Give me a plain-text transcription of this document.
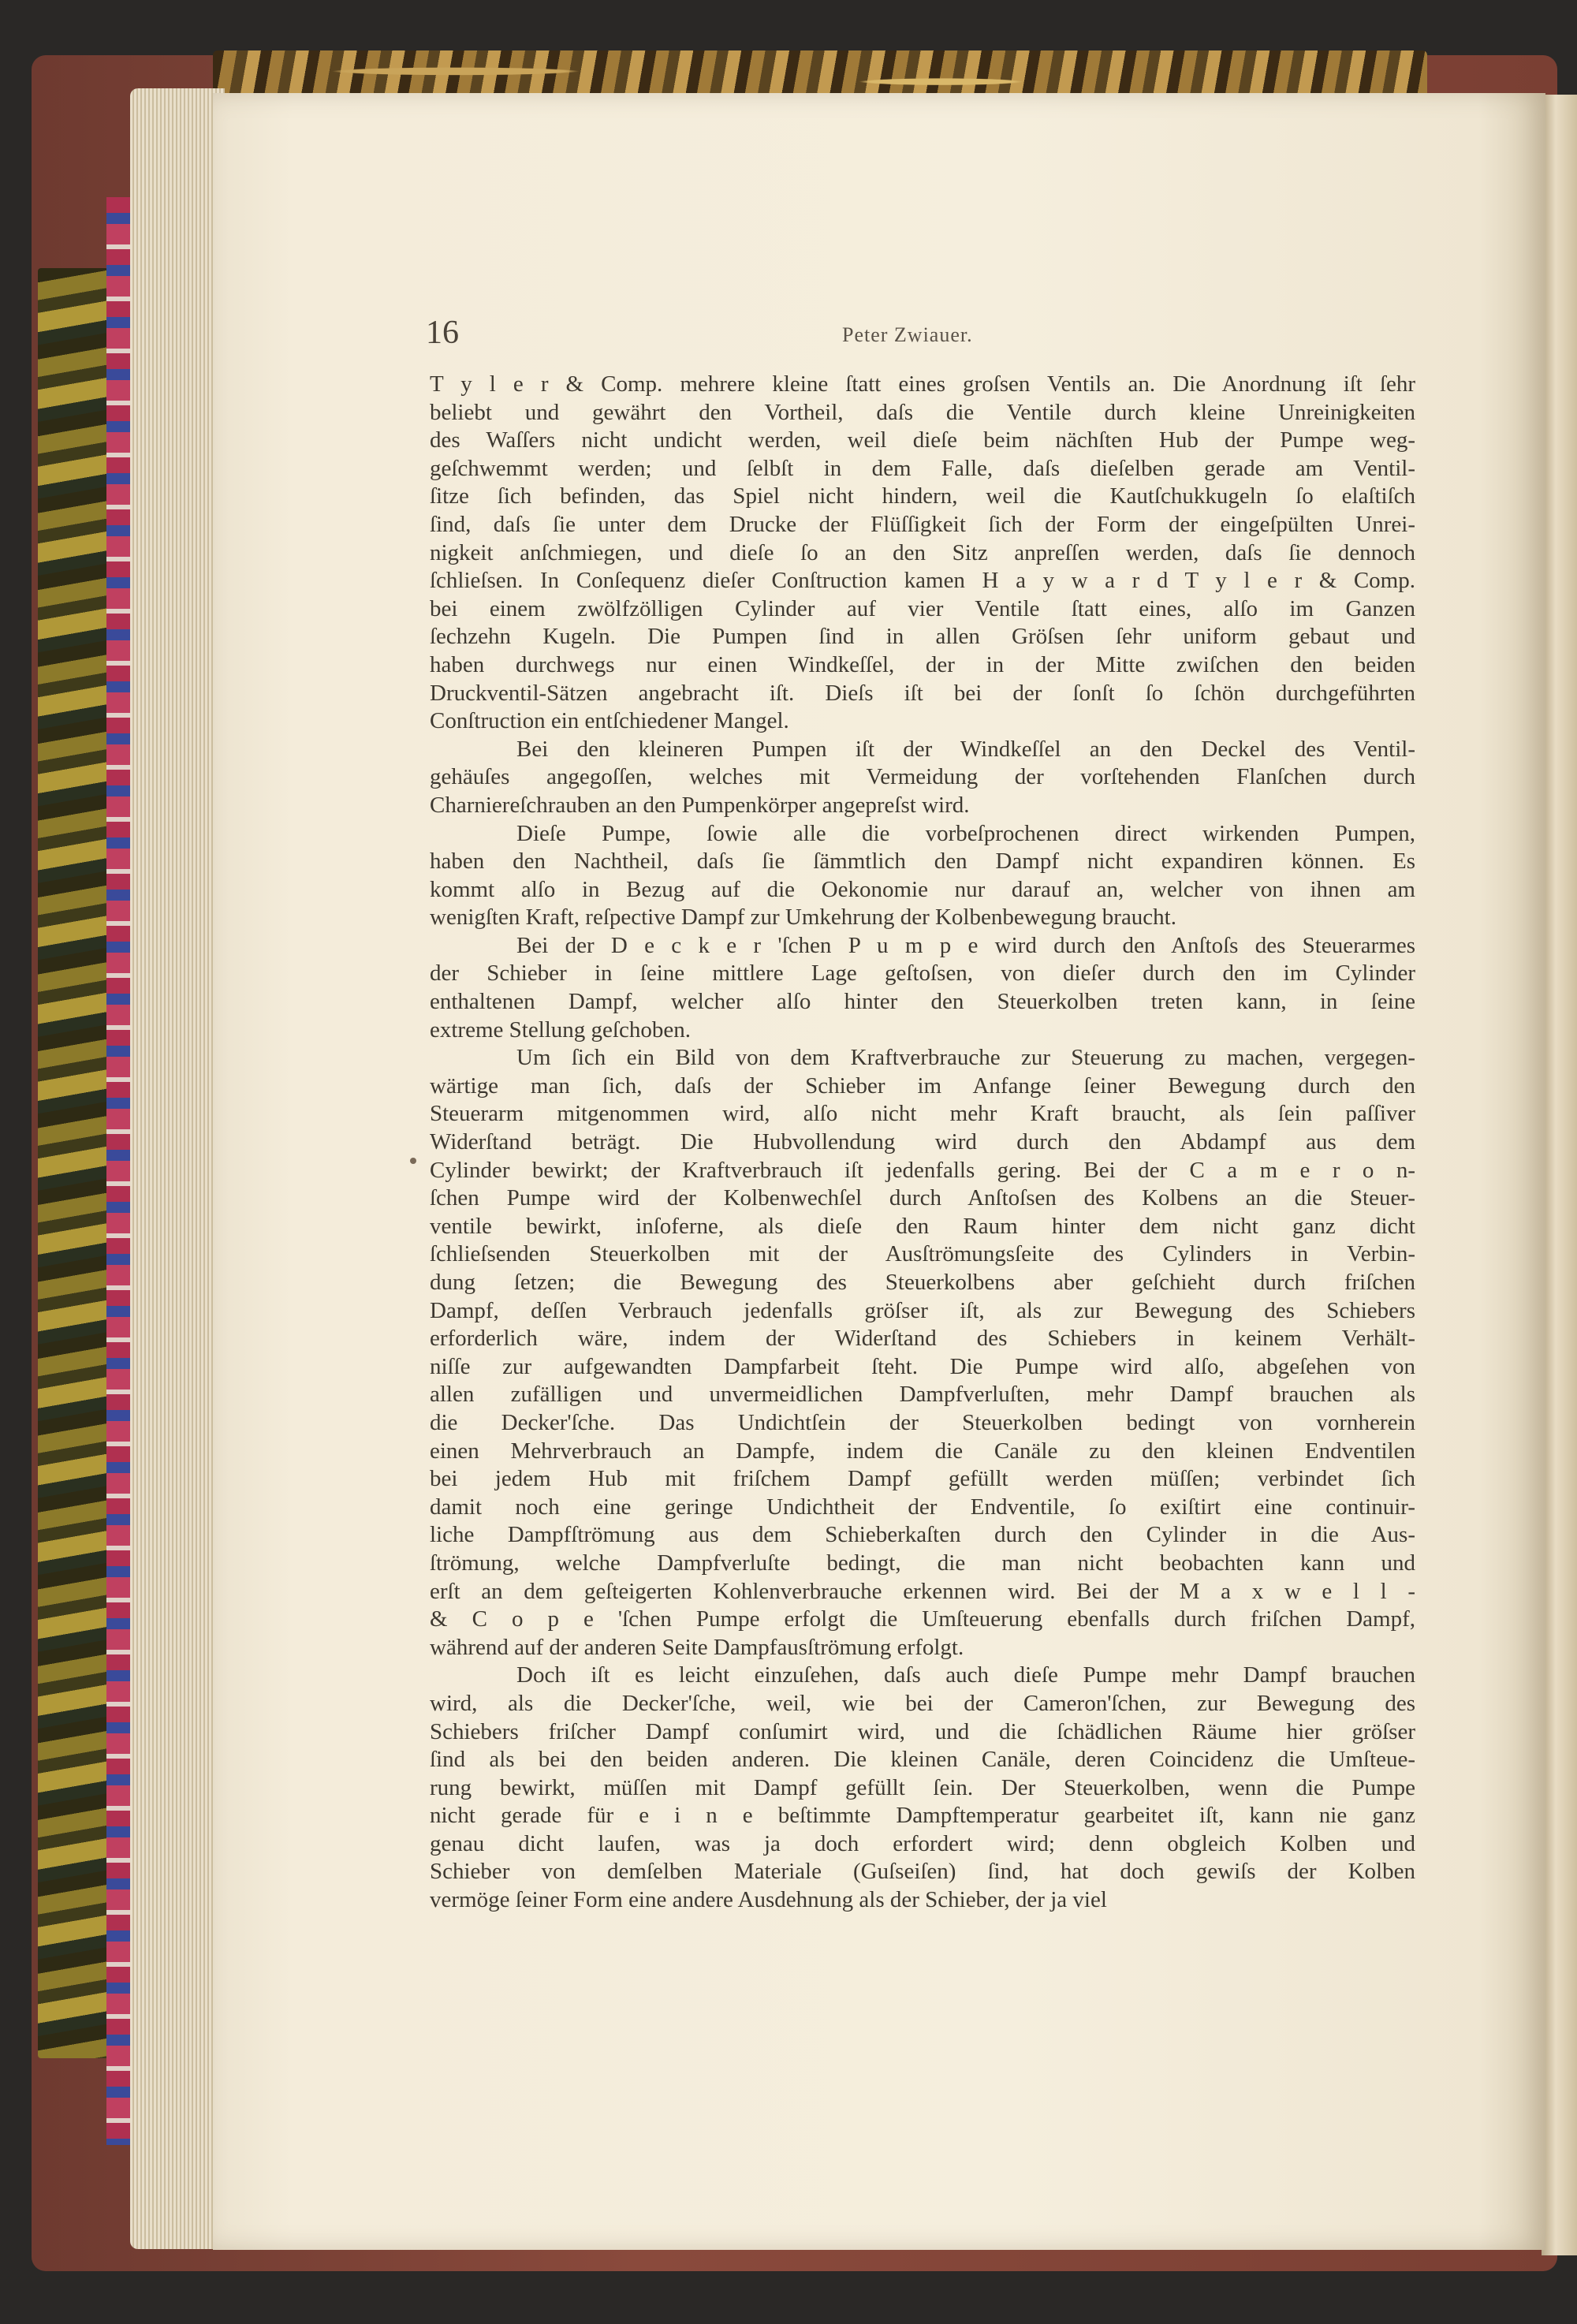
16	Peter Zwiauer.
T y l e r & Comp. mehrere kleine ſtatt eines groſsen Ventils an. Die Anordnung iſt ſehr
beliebt und gewährt den Vortheil, daſs die Ventile durch kleine Unreinigkeiten
des Waſſers nicht undicht werden, weil dieſe beim nächſten Hub der Pumpe weg-
geſchwemmt werden; und ſelbſt in dem Falle, daſs dieſelben gerade am Ventil-
ſitze ſich befinden, das Spiel nicht hindern, weil die Kautſchukkugeln ſo elaſtiſch
ſind, daſs ſie unter dem Drucke der Flüſſigkeit ſich der Form der eingeſpülten Unrei-
nigkeit anſchmiegen, und dieſe ſo an den Sitz anpreſſen werden, daſs ſie dennoch
ſchlieſsen. In Conſequenz dieſer Conſtruction kamen H a y w a r d T y l e r & Comp.
bei einem zwölfzölligen Cylinder auf vier Ventile ſtatt eines, alſo im Ganzen
ſechzehn Kugeln. Die Pumpen ſind in allen Gröſsen ſehr uniform gebaut und
haben durchwegs nur einen Windkeſſel, der in der Mitte zwiſchen den beiden
Druckventil-Sätzen angebracht iſt. Dieſs iſt bei der ſonſt ſo ſchön durchgeführten
Conſtruction ein entſchiedener Mangel.
Bei den kleineren Pumpen iſt der Windkeſſel an den Deckel des Ventil-
gehäuſes angegoſſen, welches mit Vermeidung der vorſtehenden Flanſchen durch
Charniereſchrauben an den Pumpenkörper angepreſst wird.
Dieſe Pumpe, ſowie alle die vorbeſprochenen direct wirkenden Pumpen,
haben den Nachtheil, daſs ſie ſämmtlich den Dampf nicht expandiren können. Es
kommt alſo in Bezug auf die Oekonomie nur darauf an, welcher von ihnen am
wenigſten Kraft, reſpective Dampf zur Umkehrung der Kolbenbewegung braucht.
Bei der D e c k e r 'ſchen P u m p e wird durch den Anſtoſs des Steuerarmes
der Schieber in ſeine mittlere Lage geſtoſsen, von dieſer durch den im Cylinder
enthaltenen Dampf, welcher alſo hinter den Steuerkolben treten kann, in ſeine
extreme Stellung geſchoben.
Um ſich ein Bild von dem Kraftverbrauche zur Steuerung zu machen, vergegen-
wärtige man ſich, daſs der Schieber im Anfange ſeiner Bewegung durch den
Steuerarm mitgenommen wird, alſo nicht mehr Kraft braucht, als ſein paſſiver
Widerſtand beträgt. Die Hubvollendung wird durch den Abdampf aus dem
Cylinder bewirkt; der Kraftverbrauch iſt jedenfalls gering. Bei der C a m e r o n-
ſchen Pumpe wird der Kolbenwechſel durch Anſtoſsen des Kolbens an die Steuer-
ventile bewirkt, inſoferne, als dieſe den Raum hinter dem nicht ganz dicht
ſchlieſsenden Steuerkolben mit der Ausſtrömungsſeite des Cylinders in Verbin-
dung ſetzen; die Bewegung des Steuerkolbens aber geſchieht durch friſchen
Dampf, deſſen Verbrauch jedenfalls gröſser iſt, als zur Bewegung des Schiebers
erforderlich wäre, indem der Widerſtand des Schiebers in keinem Verhält-
niſſe zur aufgewandten Dampfarbeit ſteht. Die Pumpe wird alſo, abgeſehen von
allen zufälligen und unvermeidlichen Dampfverluſten, mehr Dampf brauchen als
die Decker'ſche. Das Undichtſein der Steuerkolben bedingt von vornherein
einen Mehrverbrauch an Dampfe, indem die Canäle zu den kleinen Endventilen
bei jedem Hub mit friſchem Dampf gefüllt werden müſſen; verbindet ſich
damit noch eine geringe Undichtheit der Endventile, ſo exiſtirt eine continuir-
liche Dampfſtrömung aus dem Schieberkaſten durch den Cylinder in die Aus-
ſtrömung, welche Dampfverluſte bedingt, die man nicht beobachten kann und
erſt an dem geſteigerten Kohlenverbrauche erkennen wird. Bei der M a x w e l l -
& C o p e 'ſchen Pumpe erfolgt die Umſteuerung ebenfalls durch friſchen Dampf,
während auf der anderen Seite Dampfausſtrömung erfolgt.
Doch iſt es leicht einzuſehen, daſs auch dieſe Pumpe mehr Dampf brauchen
wird, als die Decker'ſche, weil, wie bei der Cameron'ſchen, zur Bewegung des
Schiebers friſcher Dampf conſumirt wird, und die ſchädlichen Räume hier gröſser
ſind als bei den beiden anderen. Die kleinen Canäle, deren Coincidenz die Umſteue-
rung bewirkt, müſſen mit Dampf gefüllt ſein. Der Steuerkolben, wenn die Pumpe
nicht gerade für e i n e beſtimmte Dampftemperatur gearbeitet iſt, kann nie ganz
genau dicht laufen, was ja doch erfordert wird; denn obgleich Kolben und
Schieber von demſelben Materiale (Guſseiſen) ſind, hat doch gewiſs der Kolben
vermöge ſeiner Form eine andere Ausdehnung als der Schieber, der ja viel
